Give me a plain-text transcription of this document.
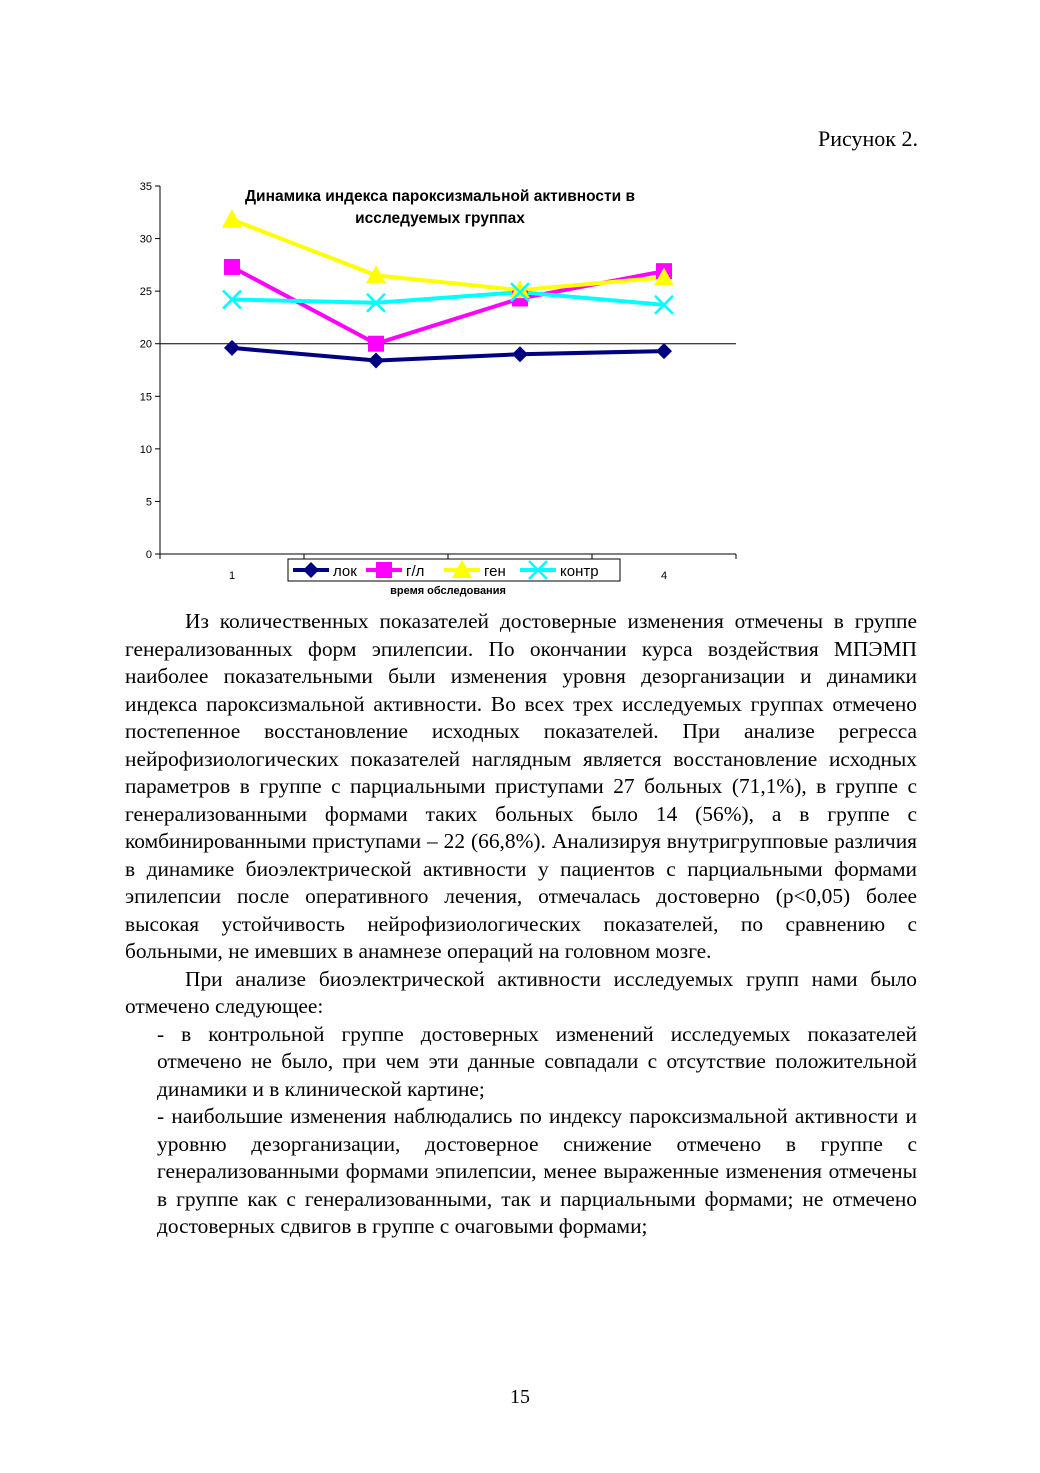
Рисунок 2.
0
5
10
15
20
25
30
35
1	4
Динамика индекса пароксизмальной активности в
исследуемых группах
лок	г/л	ген	контр
время обследования

Из количественных показателей достоверные изменения отмечены в группе генерализованных форм эпилепсии. По окончании курса воздействия МПЭМП наиболее показательными были изменения уровня дезорганизации и динамики индекса пароксизмальной активности. Во всех трех исследуемых группах отмечено постепенное восстановление исходных показателей. При анализе регресса нейрофизиологических показателей наглядным является восстановление исходных параметров в группе с парциальными приступами 27 больных (71,1%), в группе с генерализованными формами таких больных было 14 (56%), а в группе с комбинированными приступами – 22 (66,8%). Анализируя внутригрупповые различия в динамике биоэлектрической активности у пациентов с парциальными формами эпилепсии после оперативного лечения, отмечалась достоверно (p<0,05) более высокая устойчивость нейрофизиологических показателей, по сравнению с больными, не имевших в анамнезе операций на головном мозге.

При анализе биоэлектрической активности исследуемых групп нами было отмечено следующее:

- в контрольной группе достоверных изменений исследуемых показателей отмечено не было, при чем эти данные совпадали с отсутствие положительной динамики и в клинической картине;

- наибольшие изменения наблюдались по индексу пароксизмальной активности и уровню дезорганизации, достоверное снижение отмечено в группе с генерализованными формами эпилепсии, менее выраженные изменения отмечены в группе как с генерализованными, так и парциальными формами; не отмечено достоверных сдвигов в группе с очаговыми формами;

15
